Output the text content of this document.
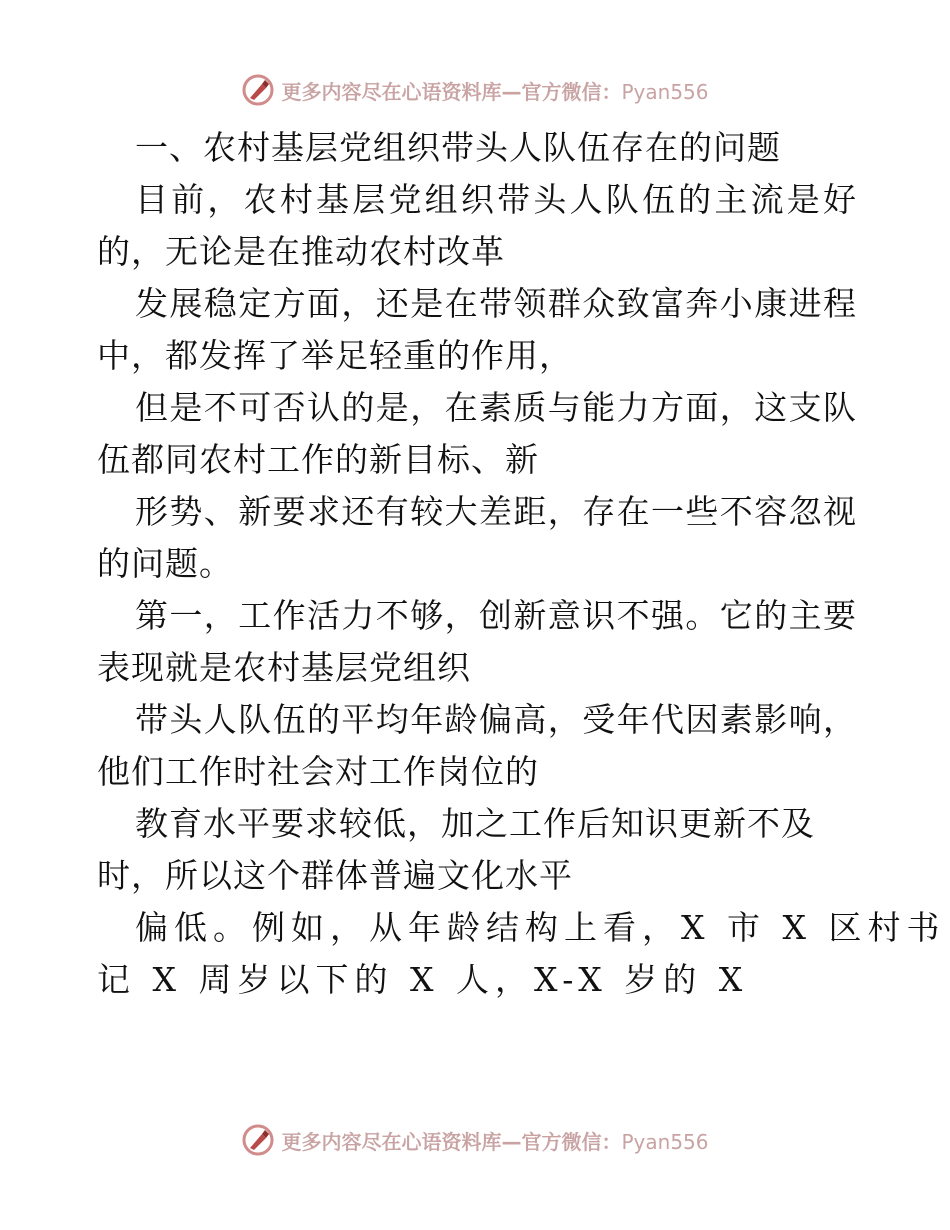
更多内容尽在心语资料库—官方微信：Pyan556
一、农村基层党组织带头人队伍存在的问题
目前，农村基层党组织带头人队伍的主流是好
的，无论是在推动农村改革
发展稳定方面，还是在带领群众致富奔小康进程
中，都发挥了举足轻重的作用，
但是不可否认的是，在素质与能力方面，这支队
伍都同农村工作的新目标、新
形势、新要求还有较大差距，存在一些不容忽视
的问题。
第一，工作活力不够，创新意识不强。它的主要
表现就是农村基层党组织
带头人队伍的平均年龄偏高，受年代因素影响，
他们工作时社会对工作岗位的
教育水平要求较低，加之工作后知识更新不及
时，所以这个群体普遍文化水平
偏低。例如，从年龄结构上看，X 市 X 区村书
记 X 周岁以下的 X 人，X-X 岁的 X
更多内容尽在心语资料库—官方微信：Pyan556
